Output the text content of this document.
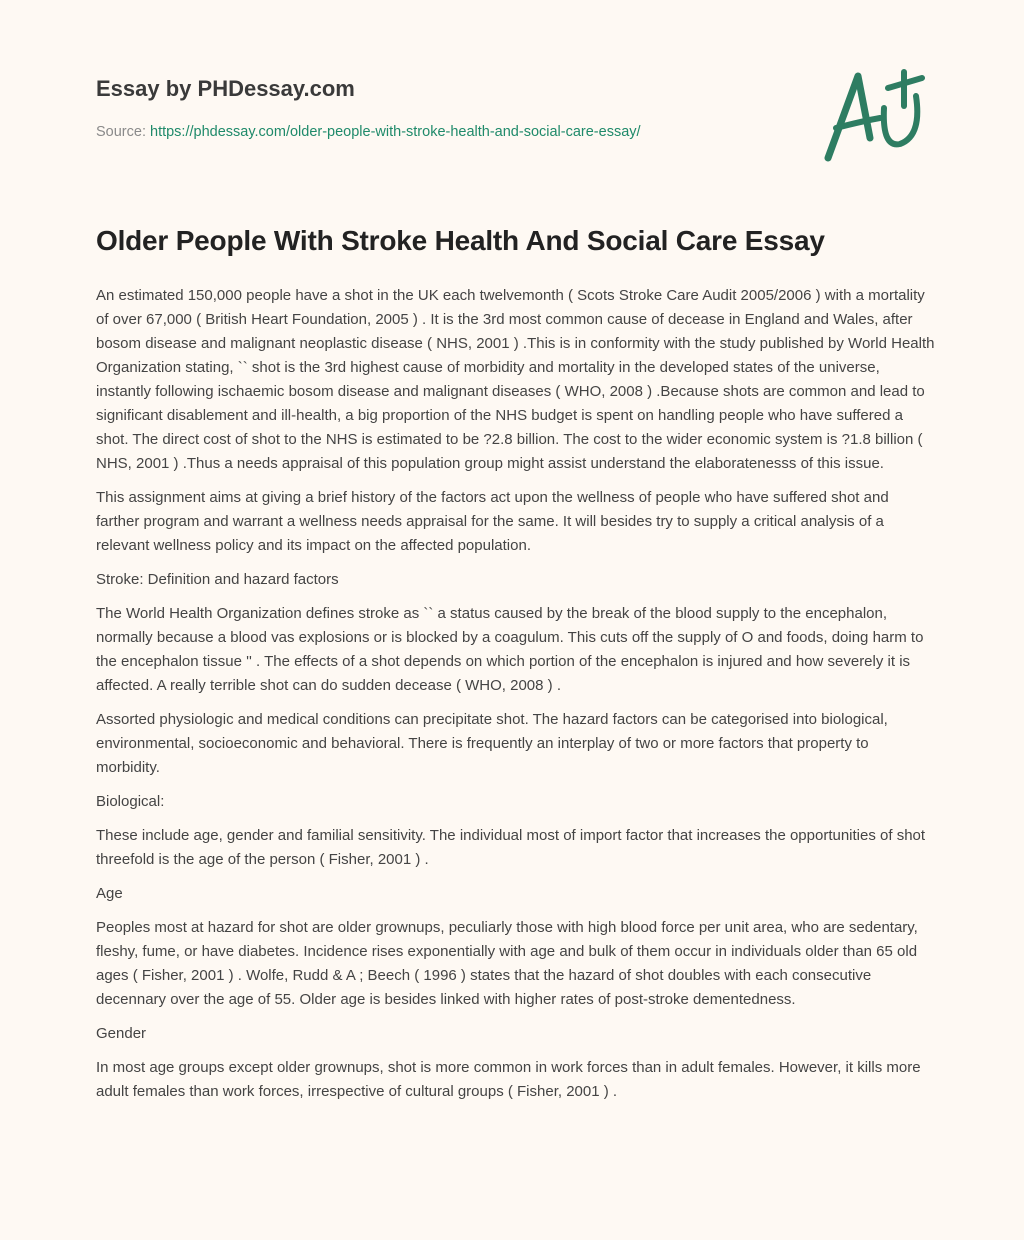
Essay by PHDessay.com

Source: https://phdessay.com/older-people-with-stroke-health-and-social-care-essay/
Older People With Stroke Health And Social Care Essay

An estimated 150,000 people have a shot in the UK each twelvemonth ( Scots Stroke Care Audit 2005/2006 ) with a mortality of over 67,000 ( British Heart Foundation, 2005 ) . It is the 3rd most common cause of decease in England and Wales, after bosom disease and malignant neoplastic disease ( NHS, 2001 ) .This is in conformity with the study published by World Health Organization stating, `` shot is the 3rd highest cause of morbidity and mortality in the developed states of the universe, instantly following ischaemic bosom disease and malignant diseases ( WHO, 2008 ) .Because shots are common and lead to significant disablement and ill-health, a big proportion of the NHS budget is spent on handling people who have suffered a shot. The direct cost of shot to the NHS is estimated to be ?2.8 billion. The cost to the wider economic system is ?1.8 billion ( NHS, 2001 ) .Thus a needs appraisal of this population group might assist understand the elaboratenesss of this issue.

This assignment aims at giving a brief history of the factors act upon the wellness of people who have suffered shot and farther program and warrant a wellness needs appraisal for the same. It will besides try to supply a critical analysis of a relevant wellness policy and its impact on the affected population.

Stroke: Definition and hazard factors

The World Health Organization defines stroke as `` a status caused by the break of the blood supply to the encephalon, normally because a blood vas explosions or is blocked by a coagulum. This cuts off the supply of O and foods, doing harm to the encephalon tissue '' . The effects of a shot depends on which portion of the encephalon is injured and how severely it is affected. A really terrible shot can do sudden decease ( WHO, 2008 ) .

Assorted physiologic and medical conditions can precipitate shot. The hazard factors can be categorised into biological, environmental, socioeconomic and behavioral. There is frequently an interplay of two or more factors that property to morbidity.

Biological:

These include age, gender and familial sensitivity. The individual most of import factor that increases the opportunities of shot threefold is the age of the person ( Fisher, 2001 ) .

Age

Peoples most at hazard for shot are older grownups, peculiarly those with high blood force per unit area, who are sedentary, fleshy, fume, or have diabetes. Incidence rises exponentially with age and bulk of them occur in individuals older than 65 old ages ( Fisher, 2001 ) . Wolfe, Rudd & A ; Beech ( 1996 ) states that the hazard of shot doubles with each consecutive decennary over the age of 55. Older age is besides linked with higher rates of post-stroke dementedness.

Gender

In most age groups except older grownups, shot is more common in work forces than in adult females. However, it kills more adult females than work forces, irrespective of cultural groups ( Fisher, 2001 ) .
